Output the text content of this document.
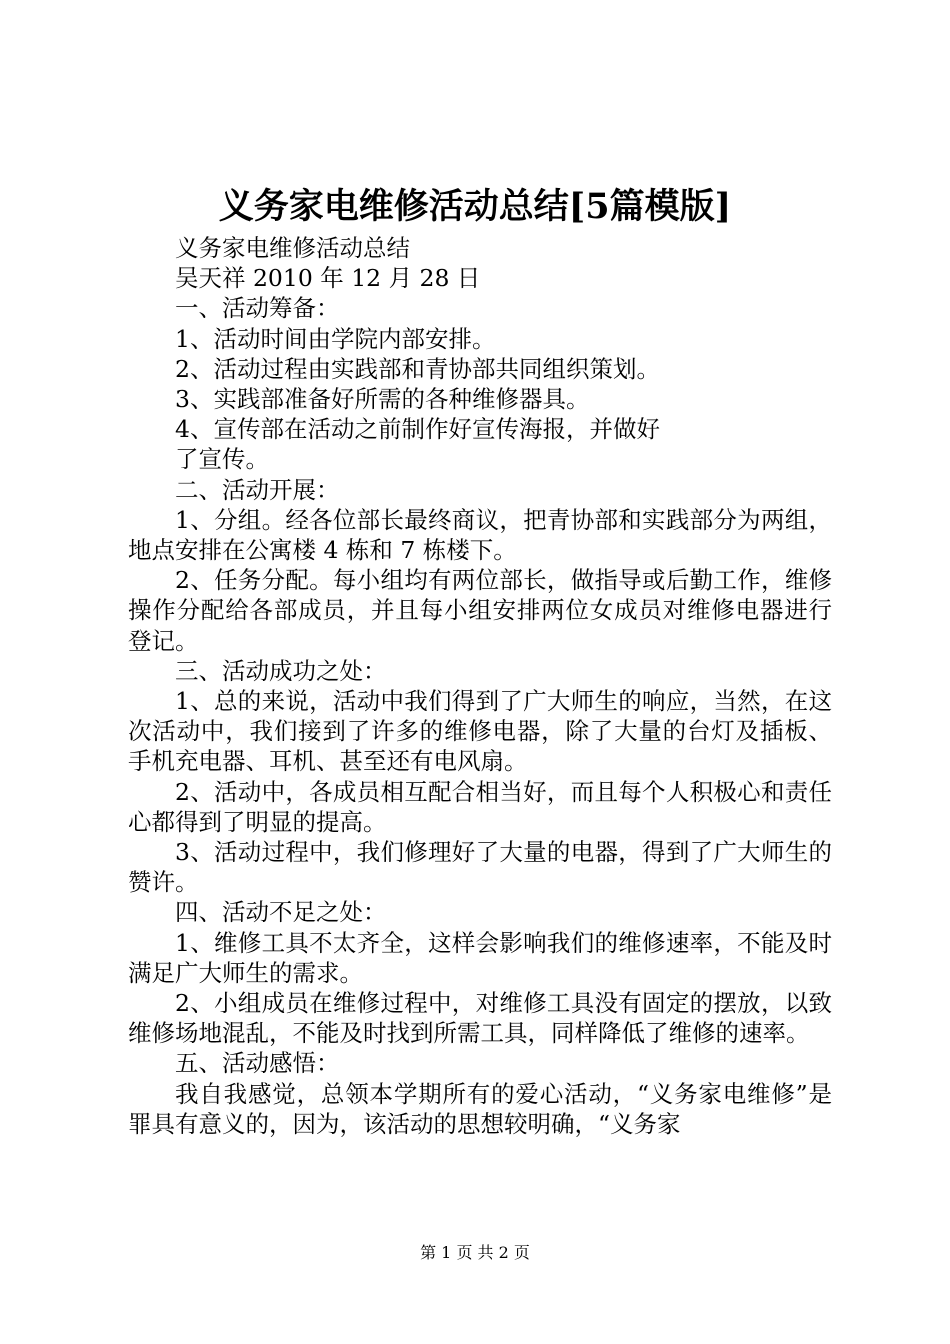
义务家电维修活动总结[5篇模版]

义务家电维修活动总结

吴天祥 2010 年 12 月 28 日

一、活动筹备：

1、活动时间由学院内部安排。

2、活动过程由实践部和青协部共同组织策划。

3、实践部准备好所需的各种维修器具。

4、宣传部在活动之前制作好宣传海报，并做好

了宣传。

二、活动开展：

1、分组。经各位部长最终商议，把青协部和实践部分为两组，地点安排在公寓楼 4 栋和 7 栋楼下。

2、任务分配。每小组均有两位部长，做指导或后勤工作，维修操作分配给各部成员，并且每小组安排两位女成员对维修电器进行登记。

三、活动成功之处：

1、总的来说，活动中我们得到了广大师生的响应，当然，在这次活动中，我们接到了许多的维修电器，除了大量的台灯及插板、手机充电器、耳机、甚至还有电风扇。

2、活动中，各成员相互配合相当好，而且每个人积极心和责任心都得到了明显的提高。

3、活动过程中，我们修理好了大量的电器，得到了广大师生的赞许。

四、活动不足之处：

1、维修工具不太齐全，这样会影响我们的维修速率，不能及时满足广大师生的需求。

2、小组成员在维修过程中，对维修工具没有固定的摆放，以致维修场地混乱，不能及时找到所需工具，同样降低了维修的速率。

五、活动感悟：

我自我感觉，总领本学期所有的爱心活动，“义务家电维修”是罪具有意义的，因为，该活动的思想较明确，“义务家

第 1 页 共 2 页
